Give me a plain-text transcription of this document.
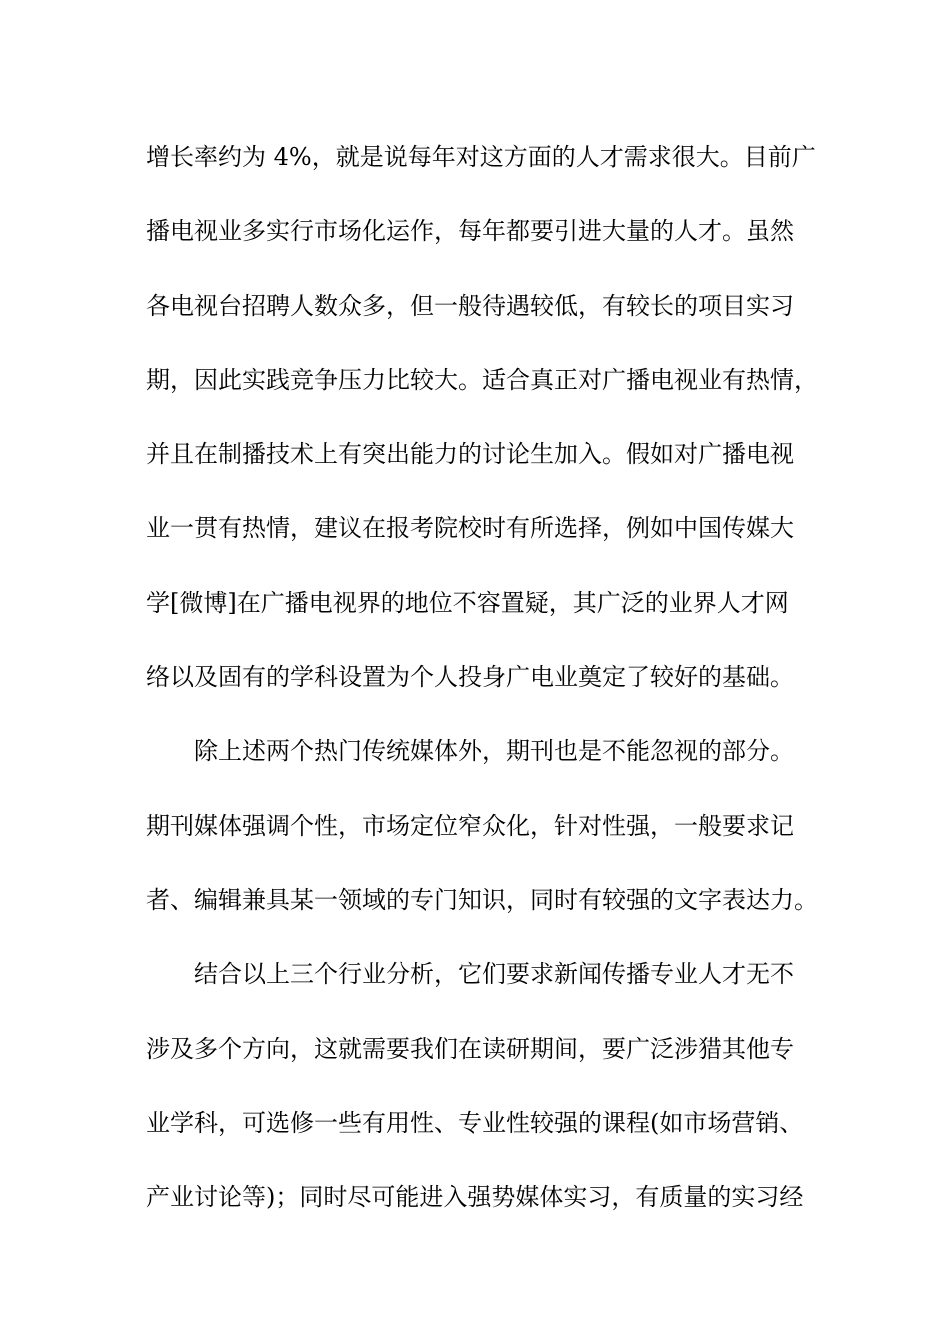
增长率约为 4%，就是说每年对这方面的人才需求很大。目前广
播电视业多实行市场化运作，每年都要引进大量的人才。虽然
各电视台招聘人数众多，但一般待遇较低，有较长的项目实习
期，因此实践竞争压力比较大。适合真正对广播电视业有热情，
并且在制播技术上有突出能力的讨论生加入。假如对广播电视
业一贯有热情，建议在报考院校时有所选择，例如中国传媒大
学[微博]在广播电视界的地位不容置疑，其广泛的业界人才网
络以及固有的学科设置为个人投身广电业奠定了较好的基础。
除上述两个热门传统媒体外，期刊也是不能忽视的部分。
期刊媒体强调个性，市场定位窄众化，针对性强，一般要求记
者、编辑兼具某一领域的专门知识，同时有较强的文字表达力。
结合以上三个行业分析，它们要求新闻传播专业人才无不
涉及多个方向，这就需要我们在读研期间，要广泛涉猎其他专
业学科，可选修一些有用性、专业性较强的课程(如市场营销、
产业讨论等)；同时尽可能进入强势媒体实习，有质量的实习经
